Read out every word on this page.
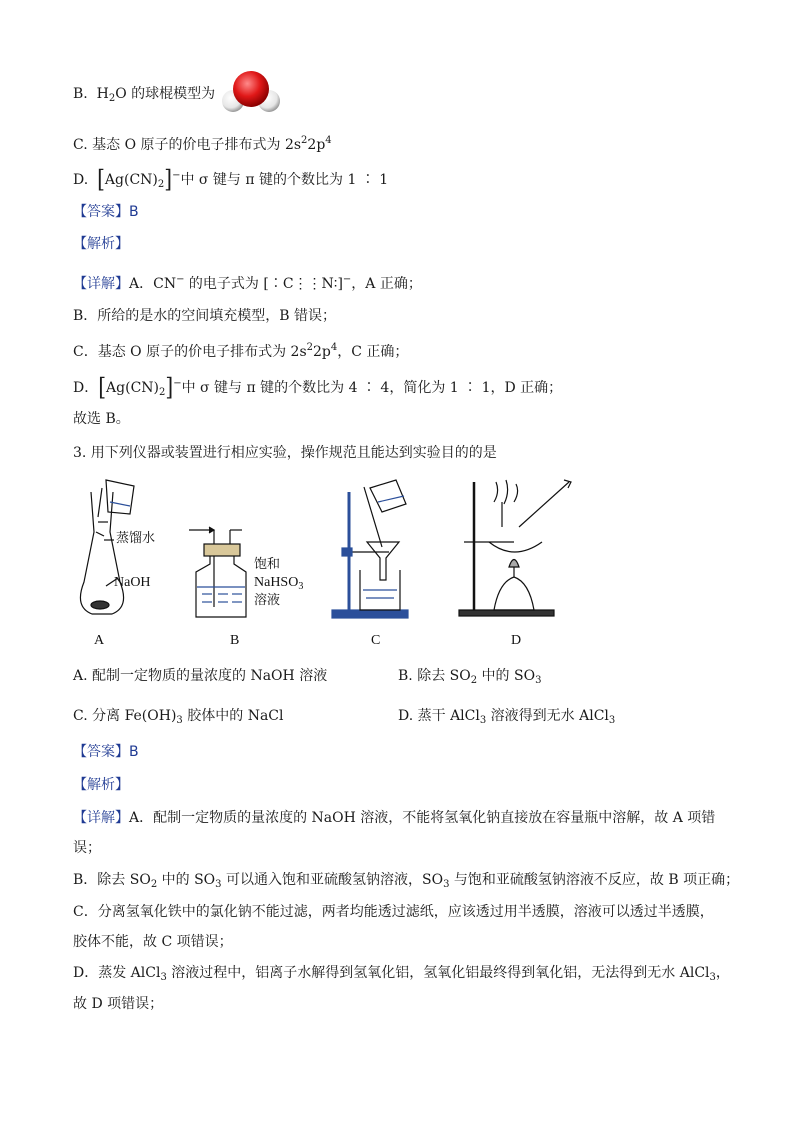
B. $H_2O$ 的球棍模型为
C. 基态 O 原子的价电子排布式为 $2s^22p^4$
D. $[Ag(CN)_2]^-$中 σ 键与 π 键的个数比为 1 ∶ 1
【答案】B
【解析】
【详解】A．CN− 的电子式为 [∶C⋮⋮N∶]−，A 正确；
B．所给的是水的空间填充模型，B 错误；
C．基态 O 原子的价电子排布式为 $2s^22p^4$，C 正确；
D．$[Ag(CN)_2]^-$中 σ 键与 π 键的个数比为 4 ∶ 4，简化为 1 ∶ 1，D 正确；
故选 B。
3. 用下列仪器或装置进行相应实验，操作规范且能达到实验目的的是
蒸馏水
NaOH
饱和
NaHSO$_3$
溶液
A	B	C	D
A. 配制一定物质的量浓度的 NaOH 溶液	B. 除去 $SO_2$ 中的 $SO_3$
C. 分离 $Fe(OH)_3$ 胶体中的 NaCl	D. 蒸干 AlCl$_3$ 溶液得到无水 AlCl$_3$
【答案】B
【解析】
【详解】A．配制一定物质的量浓度的 NaOH 溶液，不能将氢氧化钠直接放在容量瓶中溶解，故 A 项错
误；
B．除去 $SO_2$ 中的 $SO_3$ 可以通入饱和亚硫酸氢钠溶液，$SO_3$ 与饱和亚硫酸氢钠溶液不反应，故 B 项正确；
C．分离氢氧化铁中的氯化钠不能过滤，两者均能透过滤纸，应该透过用半透膜，溶液可以透过半透膜，
胶体不能，故 C 项错误；
D．蒸发 AlCl$_3$ 溶液过程中，铝离子水解得到氢氧化铝，氢氧化铝最终得到氧化铝，无法得到无水 AlCl$_3$，
故 D 项错误；
